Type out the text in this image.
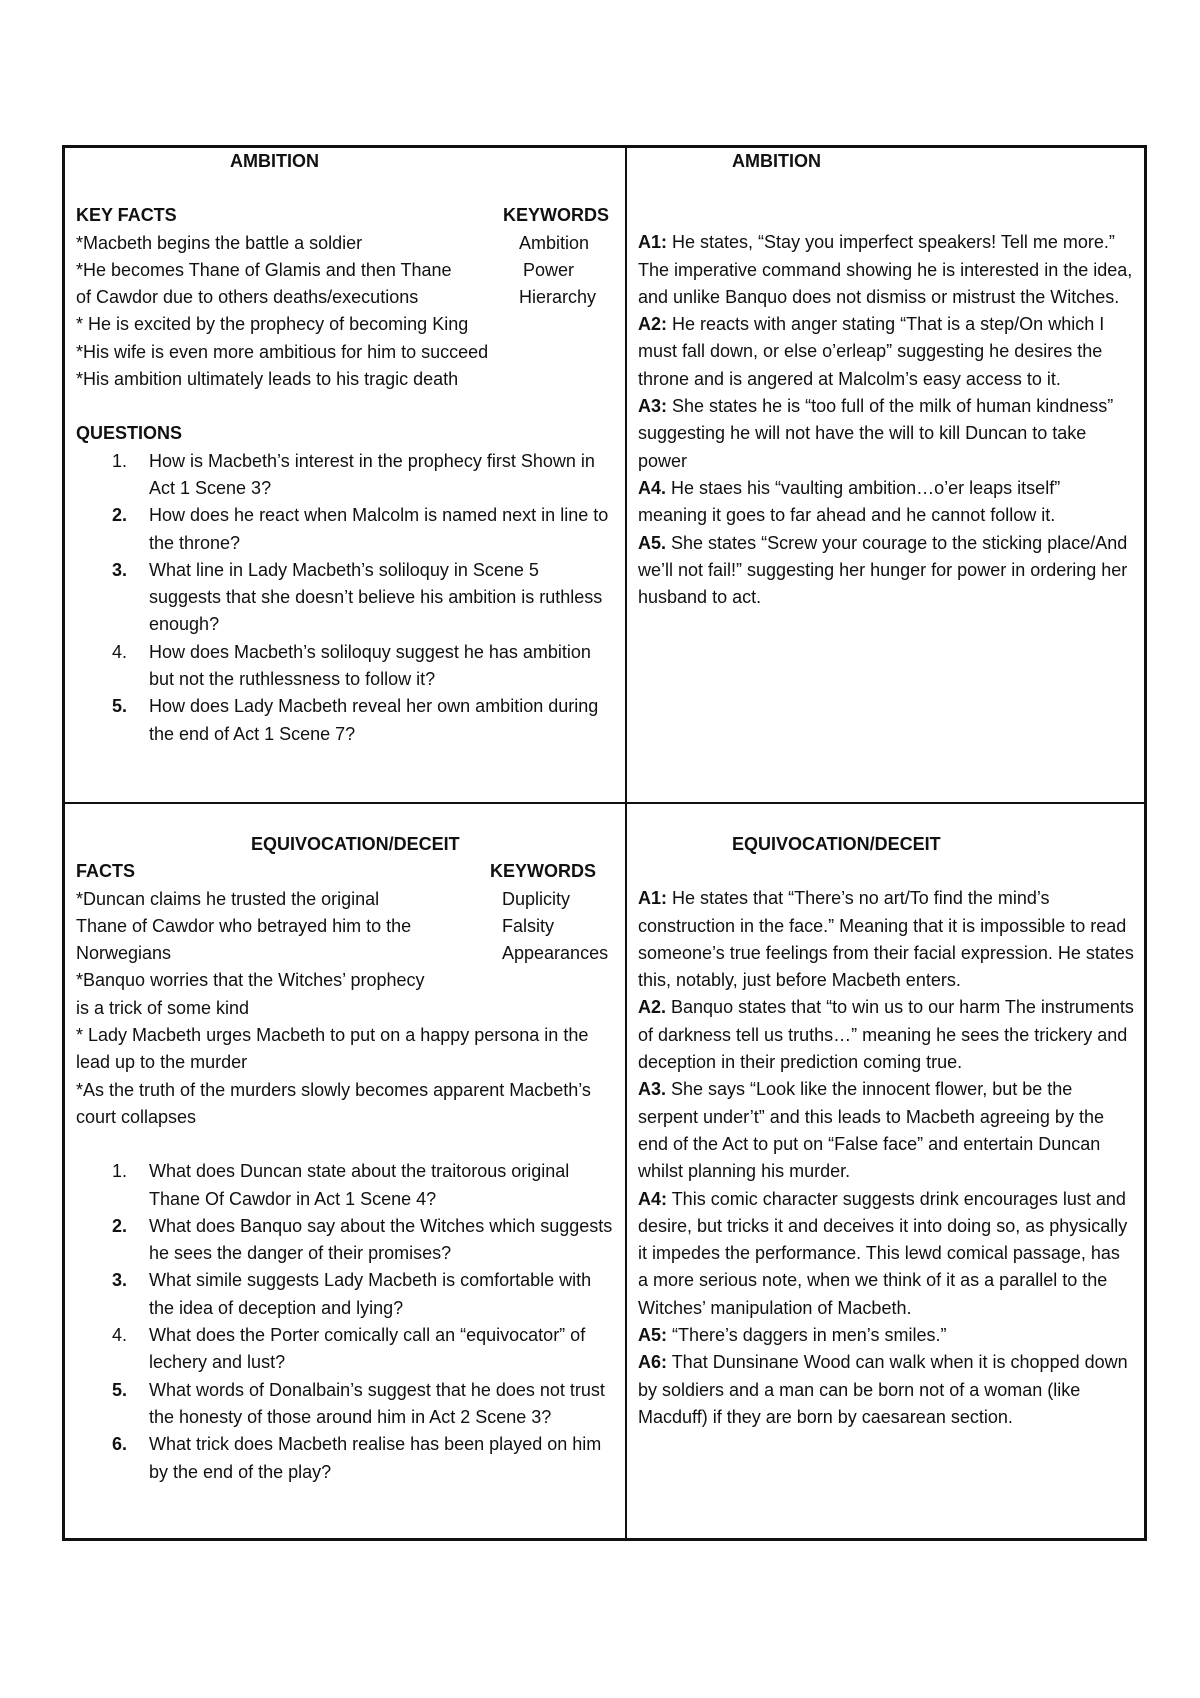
AMBITION
KEY FACTS	KEYWORDS
*Macbeth begins the battle a soldier	Ambition
*He becomes Thane of Glamis and then Thane	Power
of Cawdor due to others deaths/executions	Hierarchy
* He is excited by the prophecy of becoming King
*His wife is even more ambitious for him to succeed
*His ambition ultimately leads to his tragic death
QUESTIONS
1. How is Macbeth’s interest in the prophecy first Shown in Act 1 Scene 3?
2. How does he react when Malcolm is named next in line to the throne?
3. What line in Lady Macbeth’s soliloquy in Scene 5 suggests that she doesn’t believe his ambition is ruthless enough?
4. How does Macbeth’s soliloquy suggest he has ambition but not the ruthlessness to follow it?
5. How does Lady Macbeth reveal her own ambition during the end of Act 1 Scene 7?
AMBITION

A1: He states, “Stay you imperfect speakers! Tell me more.” The imperative command showing he is interested in the idea, and unlike Banquo does not dismiss or mistrust the Witches.

A2: He reacts with anger stating “That is a step/On which I must fall down, or else o’erleap” suggesting he desires the throne and is angered at Malcolm’s easy access to it.

A3: She states he is “too full of the milk of human kindness” suggesting he will not have the will to kill Duncan to take power

A4. He staes his “vaulting ambition…o’er leaps itself” meaning it goes to far ahead and he cannot follow it.

A5. She states “Screw your courage to the sticking place/And we’ll not fail!” suggesting her hunger for power in ordering her husband to act.

EQUIVOCATION/DECEIT
FACTS	KEYWORDS
*Duncan claims he trusted the original	Duplicity
Thane of Cawdor who betrayed him to the	Falsity
Norwegians	Appearances
*Banquo worries that the Witches’ prophecy
is a trick of some kind
* Lady Macbeth urges Macbeth to put on a happy persona in the lead up to the murder
*As the truth of the murders slowly becomes apparent Macbeth’s court collapses
1. What does Duncan state about the traitorous original Thane Of Cawdor in Act 1 Scene 4?
2. What does Banquo say about the Witches which suggests he sees the danger of their promises?
3. What simile suggests Lady Macbeth is comfortable with the idea of deception and lying?
4. What does the Porter comically call an “equivocator” of lechery and lust?
5. What words of Donalbain’s suggest that he does not trust the honesty of those around him in Act 2 Scene 3?
6. What trick does Macbeth realise has been played on him by the end of the play?
EQUIVOCATION/DECEIT

A1: He states that “There’s no art/To find the mind’s construction in the face.” Meaning that it is impossible to read someone’s true feelings from their facial expression. He states this, notably, just before Macbeth enters.

A2. Banquo states that “to win us to our harm The instruments of darkness tell us truths…” meaning he sees the trickery and deception in their prediction coming true.

A3. She says “Look like the innocent flower, but be the serpent under’t” and this leads to Macbeth agreeing by the end of the Act to put on “False face” and entertain Duncan whilst planning his murder.

A4: This comic character suggests drink encourages lust and desire, but tricks it and deceives it into doing so, as physically it impedes the performance. This lewd comical passage, has a more serious note, when we think of it as a parallel to the Witches’ manipulation of Macbeth.

A5: “There’s daggers in men’s smiles.”

A6: That Dunsinane Wood can walk when it is chopped down by soldiers and a man can be born not of a woman (like Macduff) if they are born by caesarean section.
